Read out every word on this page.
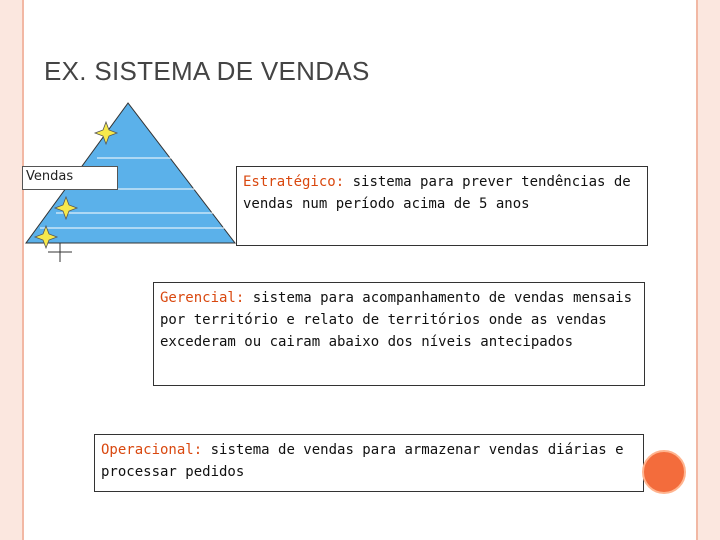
EX. SISTEMA DE VENDAS
Vendas	Estratégico: sistema para prever tendências de vendas num período acima de 5 anos
Gerencial: sistema para acompanhamento de vendas mensais por território e relato de territórios onde as vendas excederam ou cairam abaixo dos níveis antecipados
Operacional: sistema de vendas para armazenar vendas diárias e processar pedidos
